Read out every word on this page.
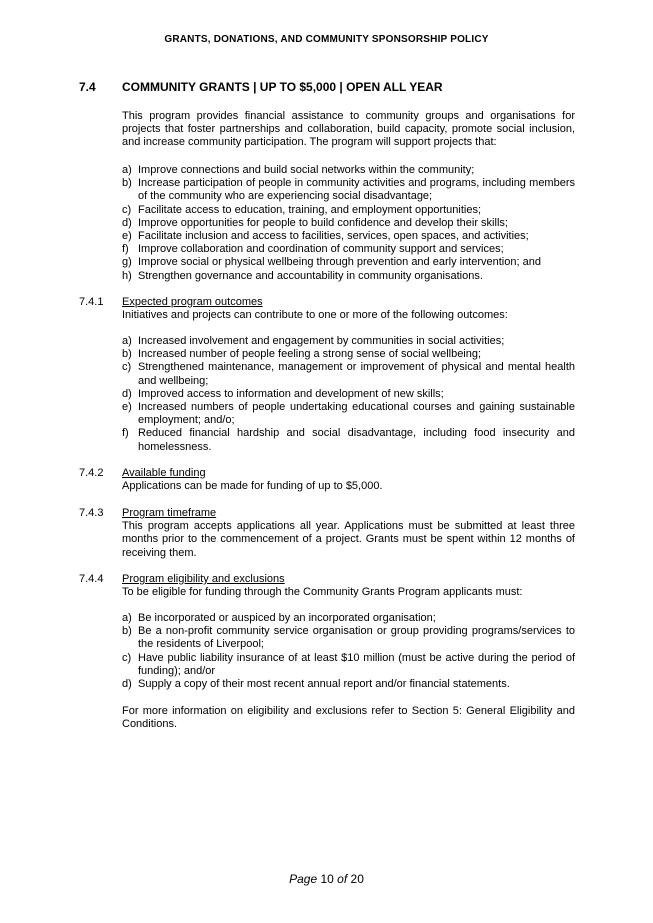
GRANTS, DONATIONS, AND COMMUNITY SPONSORSHIP POLICY
7.4 COMMUNITY GRANTS | UP TO $5,000 | OPEN ALL YEAR
This program provides financial assistance to community groups and organisations for projects that foster partnerships and collaboration, build capacity, promote social inclusion, and increase community participation. The program will support projects that:
a) Improve connections and build social networks within the community;
b) Increase participation of people in community activities and programs, including members of the community who are experiencing social disadvantage;
c) Facilitate access to education, training, and employment opportunities;
d) Improve opportunities for people to build confidence and develop their skills;
e) Facilitate inclusion and access to facilities, services, open spaces, and activities;
f) Improve collaboration and coordination of community support and services;
g) Improve social or physical wellbeing through prevention and early intervention; and
h) Strengthen governance and accountability in community organisations.
7.4.1 Expected program outcomes
Initiatives and projects can contribute to one or more of the following outcomes:
a) Increased involvement and engagement by communities in social activities;
b) Increased number of people feeling a strong sense of social wellbeing;
c) Strengthened maintenance, management or improvement of physical and mental health and wellbeing;
d) Improved access to information and development of new skills;
e) Increased numbers of people undertaking educational courses and gaining sustainable employment; and/o;
f) Reduced financial hardship and social disadvantage, including food insecurity and homelessness.
7.4.2 Available funding
Applications can be made for funding of up to $5,000.
7.4.3 Program timeframe
This program accepts applications all year. Applications must be submitted at least three months prior to the commencement of a project. Grants must be spent within 12 months of receiving them.
7.4.4 Program eligibility and exclusions
To be eligible for funding through the Community Grants Program applicants must:
a) Be incorporated or auspiced by an incorporated organisation;
b) Be a non-profit community service organisation or group providing programs/services to the residents of Liverpool;
c) Have public liability insurance of at least $10 million (must be active during the period of funding); and/or
d) Supply a copy of their most recent annual report and/or financial statements.
For more information on eligibility and exclusions refer to Section 5: General Eligibility and Conditions.
Page 10 of 20
